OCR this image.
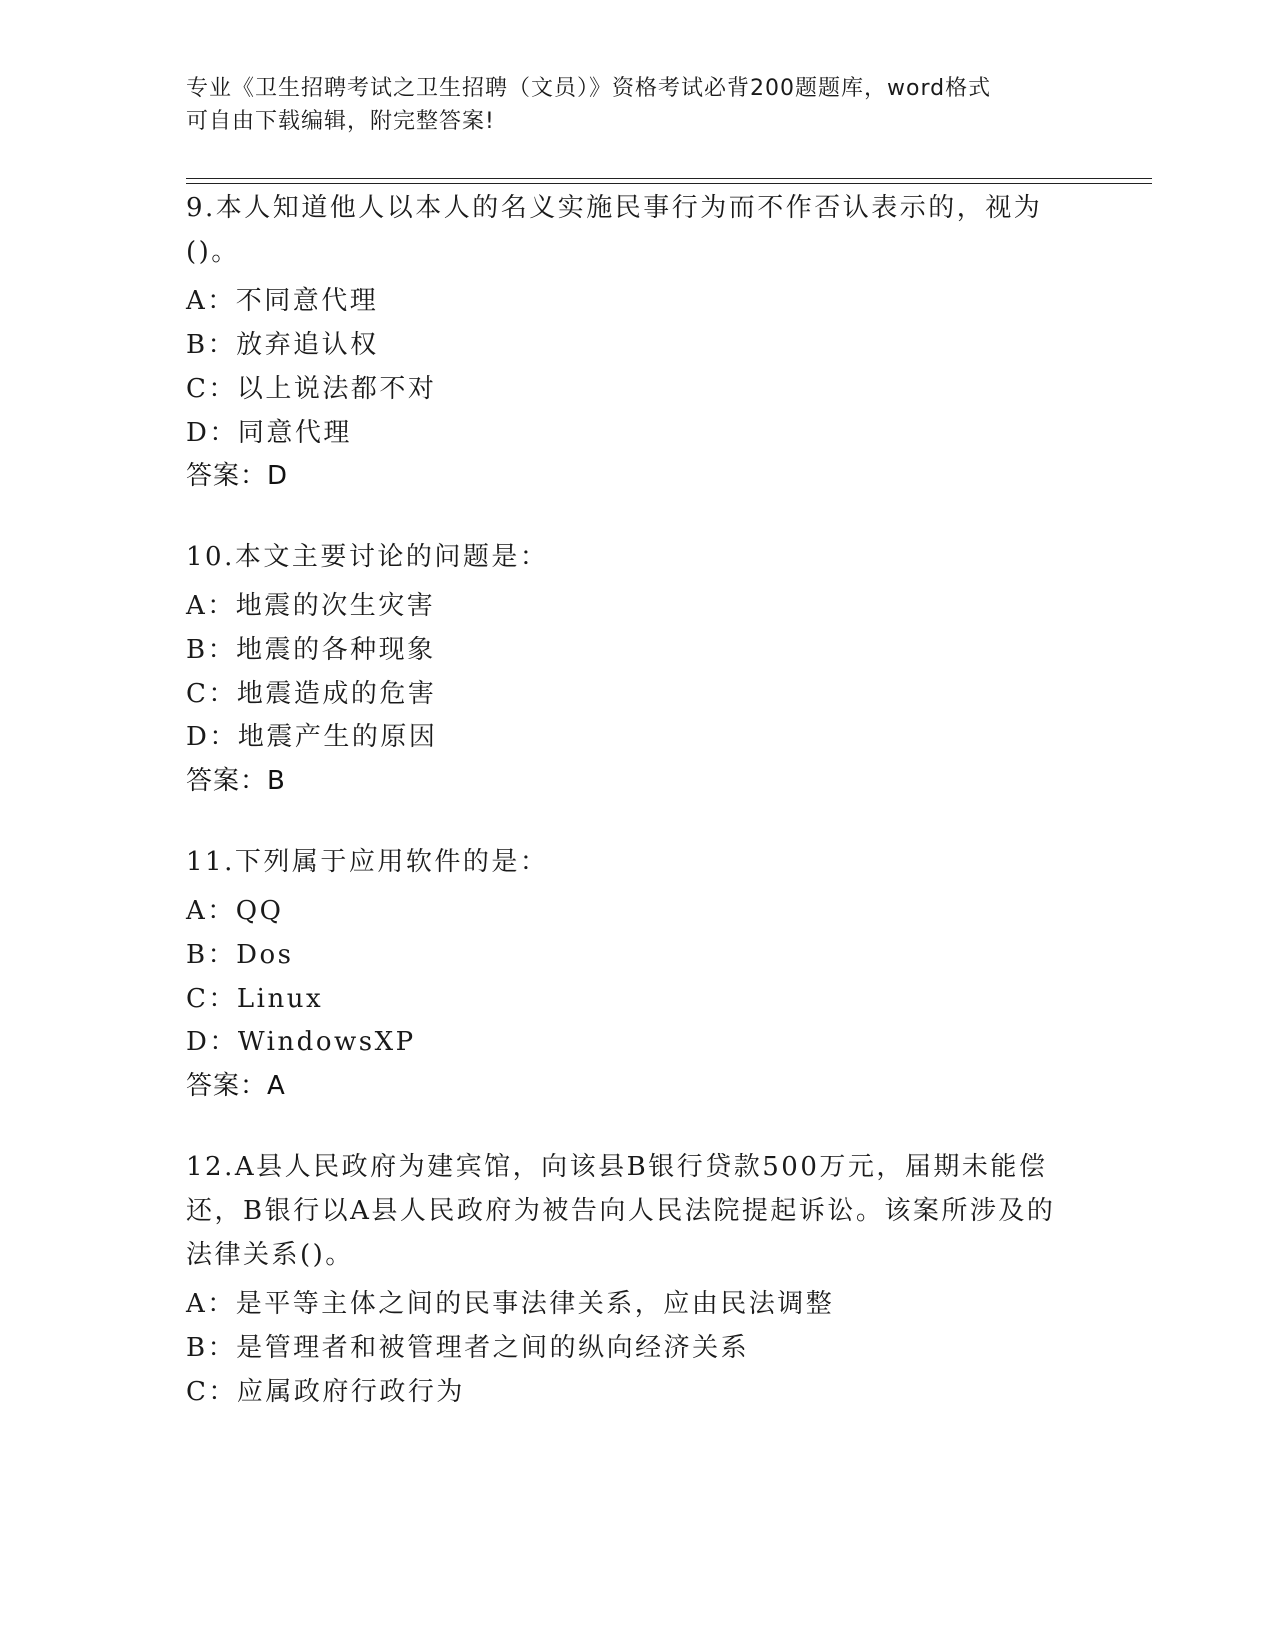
专业《卫生招聘考试之卫生招聘（文员）》资格考试必背200题题库，word格式
可自由下载编辑，附完整答案!
9.本人知道他人以本人的名义实施民事行为而不作否认表示的，视为
()。
A：不同意代理
B：放弃追认权
C：以上说法都不对
D：同意代理
答案：D
10.本文主要讨论的问题是：
A：地震的次生灾害
B：地震的各种现象
C：地震造成的危害
D：地震产生的原因
答案：B
11.下列属于应用软件的是：
A：QQ
B：Dos
C：Linux
D：WindowsXP
答案：A
12.A县人民政府为建宾馆，向该县B银行贷款500万元，届期未能偿
还，B银行以A县人民政府为被告向人民法院提起诉讼。该案所涉及的
法律关系()。
A：是平等主体之间的民事法律关系，应由民法调整
B：是管理者和被管理者之间的纵向经济关系
C：应属政府行政行为
